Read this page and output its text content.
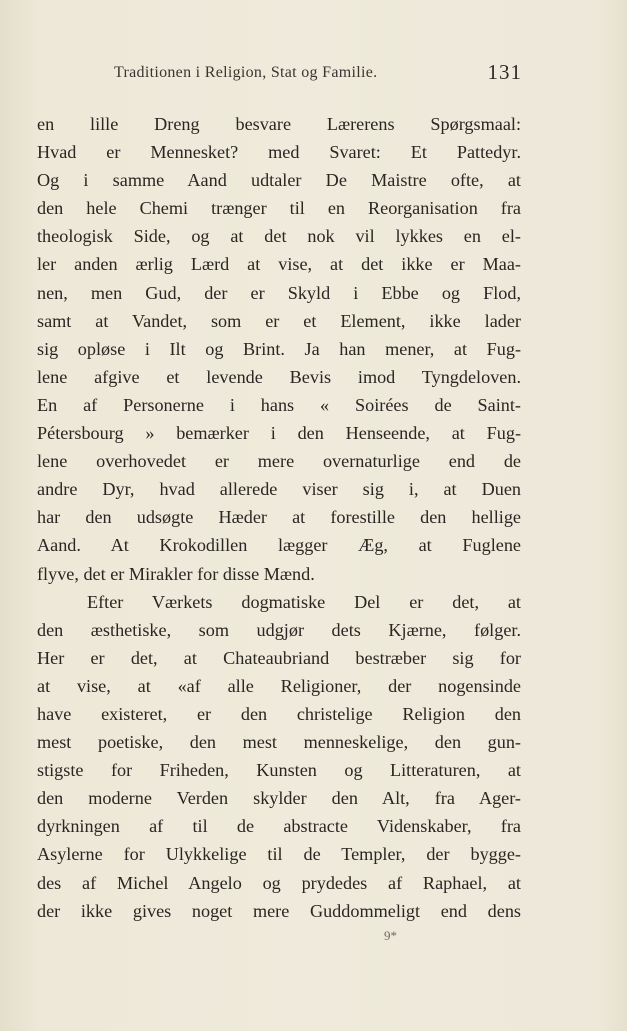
Traditionen i Religion, Stat og Familie.	131
en lille Dreng besvare Lærerens Spørgsmaal:
Hvad er Mennesket? med Svaret: Et Pattedyr.
Og i samme Aand udtaler De Maistre ofte, at
den hele Chemi trænger til en Reorganisation fra
theologisk Side, og at det nok vil lykkes en el-
ler anden ærlig Lærd at vise, at det ikke er Maa-
nen, men Gud, der er Skyld i Ebbe og Flod,
samt at Vandet, som er et Element, ikke lader
sig opløse i Ilt og Brint. Ja han mener, at Fug-
lene afgive et levende Bevis imod Tyngdeloven.
En af Personerne i hans « Soirées de Saint-
Pétersbourg » bemærker i den Henseende, at Fug-
lene overhovedet er mere overnaturlige end de
andre Dyr, hvad allerede viser sig i, at Duen
har den udsøgte Hæder at forestille den hellige
Aand. At Krokodillen lægger Æg, at Fuglene
flyve, det er Mirakler for disse Mænd.
Efter Værkets dogmatiske Del er det, at
den æsthetiske, som udgjør dets Kjærne, følger.
Her er det, at Chateaubriand bestræber sig for
at vise, at «af alle Religioner, der nogensinde
have existeret, er den christelige Religion den
mest poetiske, den mest menneskelige, den gun-
stigste for Friheden, Kunsten og Litteraturen, at
den moderne Verden skylder den Alt, fra Ager-
dyrkningen af til de abstracte Videnskaber, fra
Asylerne for Ulykkelige til de Templer, der bygge-
des af Michel Angelo og prydedes af Raphael, at
der ikke gives noget mere Guddommeligt end dens
9*
